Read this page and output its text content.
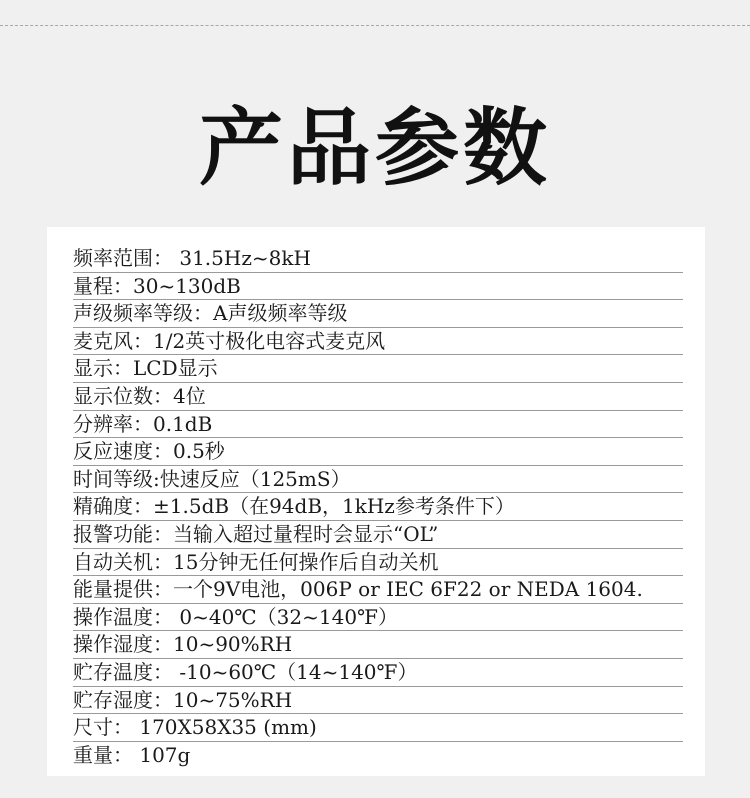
产品参数
频率范围： 31.5Hz~8kH
量程：30~130dB
声级频率等级：A声级频率等级
麦克风：1/2英寸极化电容式麦克风
显示：LCD显示
显示位数：4位
分辨率：0.1dB
反应速度：0.5秒
时间等级:快速反应（125mS）
精确度：±1.5dB（在94dB，1kHz参考条件下）
报警功能：当输入超过量程时会显示“OL”
自动关机：15分钟无任何操作后自动关机
能量提供：一个9V电池，006P or IEC 6F22 or NEDA 1604.
操作温度： 0~40℃（32~140℉）
操作湿度：10~90%RH
贮存温度： -10~60℃（14~140℉）
贮存湿度：10~75%RH
尺寸： 170X58X35 (mm)
重量： 107g
